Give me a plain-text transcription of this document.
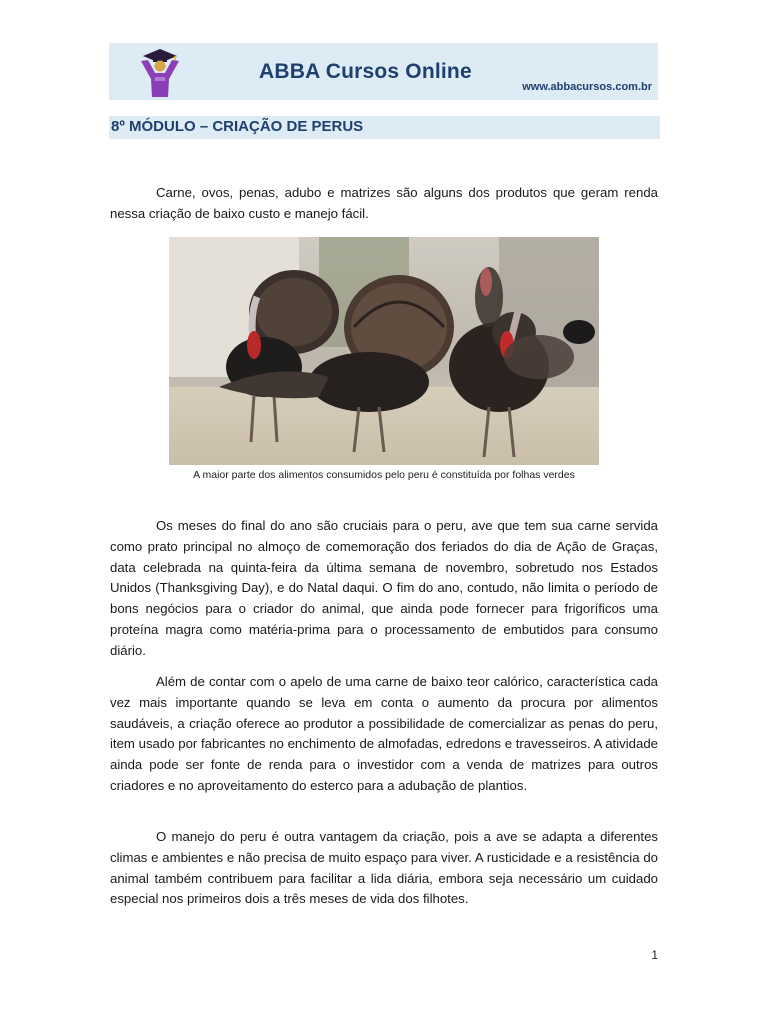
ABBA Cursos Online
www.abbacursos.com.br
8º MÓDULO – CRIAÇÃO DE PERUS

Carne, ovos, penas, adubo e matrizes são alguns dos produtos que geram renda nessa criação de baixo custo e manejo fácil.

A maior parte dos alimentos consumidos pelo peru é constituída por folhas verdes

Os meses do final do ano são cruciais para o peru, ave que tem sua carne servida como prato principal no almoço de comemoração dos feriados do dia de Ação de Graças, data celebrada na quinta-feira da última semana de novembro, sobretudo nos Estados Unidos (Thanksgiving Day), e do Natal daqui. O fim do ano, contudo, não limita o período de bons negócios para o criador do animal, que ainda pode fornecer para frigoríficos uma proteína magra como matéria-prima para o processamento de embutidos para consumo diário.

Além de contar com o apelo de uma carne de baixo teor calórico, característica cada vez mais importante quando se leva em conta o aumento da procura por alimentos saudáveis, a criação oferece ao produtor a possibilidade de comercializar as penas do peru, item usado por fabricantes no enchimento de almofadas, edredons e travesseiros. A atividade ainda pode ser fonte de renda para o investidor com a venda de matrizes para outros criadores e no aproveitamento do esterco para a adubação de plantios.

O manejo do peru é outra vantagem da criação, pois a ave se adapta a diferentes climas e ambientes e não precisa de muito espaço para viver. A rusticidade e a resistência do animal também contribuem para facilitar a lida diária, embora seja necessário um cuidado especial nos primeiros dois a três meses de vida dos filhotes.

1
